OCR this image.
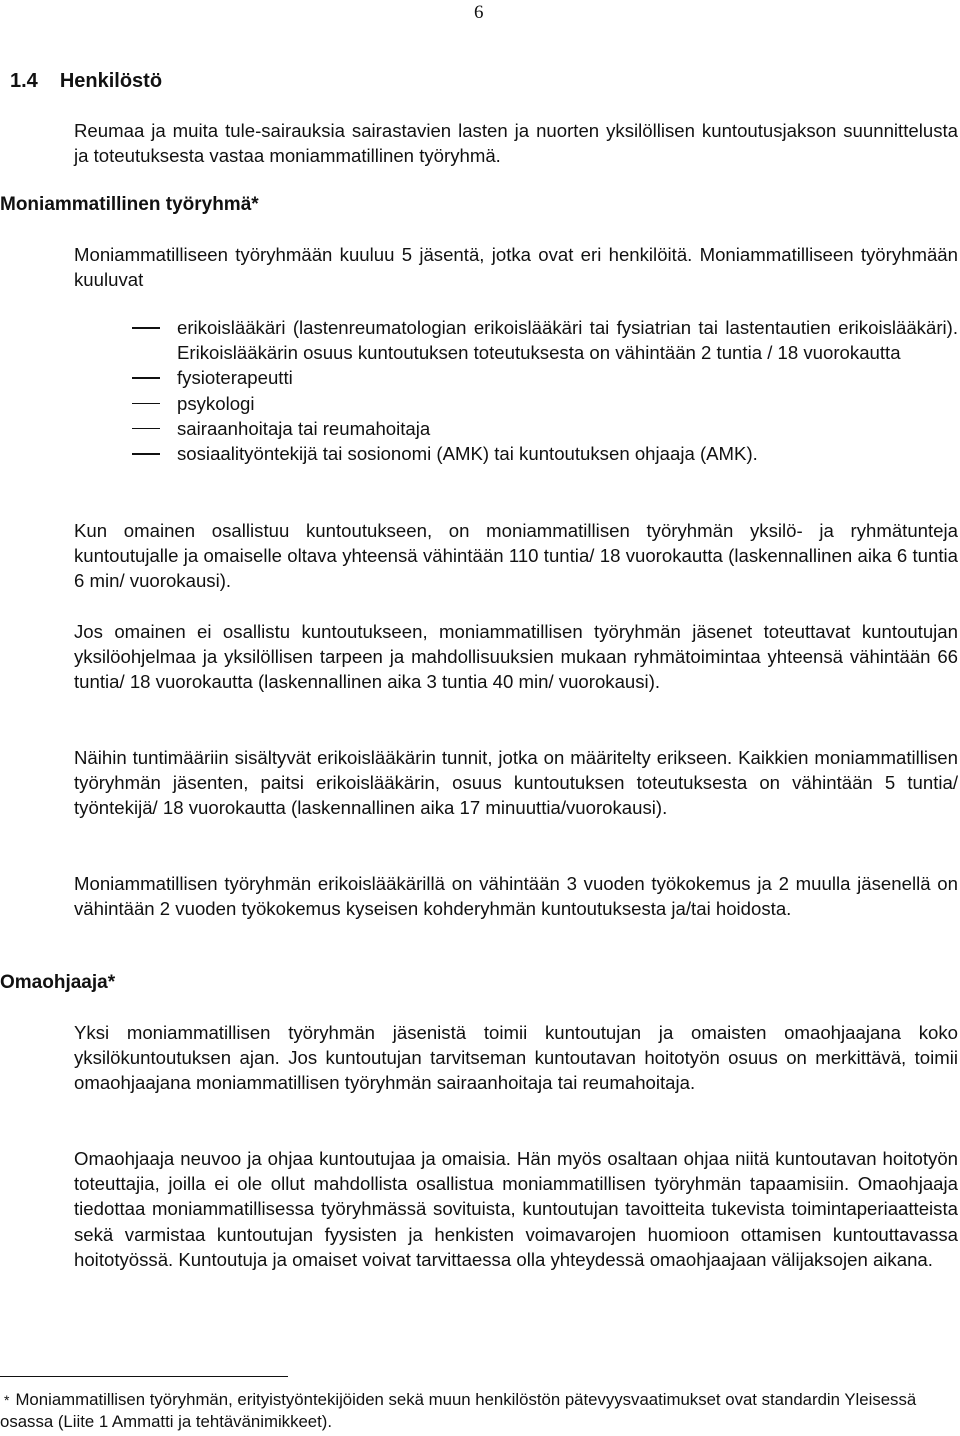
6
1.4 Henkilöstö
Reumaa ja muita tule-sairauksia sairastavien lasten ja nuorten yksilöllisen kuntoutusjakson suunnittelusta ja toteutuksesta vastaa moniammatillinen työryhmä.
Moniammatillinen työryhmä*
Moniammatilliseen työryhmään kuuluu 5 jäsentä, jotka ovat eri henkilöitä. Moniammatilliseen työryhmään kuuluvat
erikoislääkäri (lastenreumatologian erikoislääkäri tai fysiatrian tai lastentautien erikoislääkäri). Erikoislääkärin osuus kuntoutuksen toteutuksesta on vähintään 2 tuntia / 18 vuorokautta
fysioterapeutti
psykologi
sairaanhoitaja tai reumahoitaja
sosiaalityöntekijä tai sosionomi (AMK) tai kuntoutuksen ohjaaja (AMK).
Kun omainen osallistuu kuntoutukseen, on moniammatillisen työryhmän yksilö- ja ryhmätunteja kuntoutujalle ja omaiselle oltava yhteensä vähintään 110 tuntia/ 18 vuorokautta (laskennallinen aika 6 tuntia 6 min/ vuorokausi).
Jos omainen ei osallistu kuntoutukseen, moniammatillisen työryhmän jäsenet toteuttavat kuntoutujan yksilöohjelmaa ja yksilöllisen tarpeen ja mahdollisuuksien mukaan ryhmätoimintaa yhteensä vähintään 66 tuntia/ 18 vuorokautta (laskennallinen aika 3 tuntia 40 min/ vuorokausi).
Näihin tuntimääriin sisältyvät erikoislääkärin tunnit, jotka on määritelty erikseen. Kaikkien moniammatillisen työryhmän jäsenten, paitsi erikoislääkärin, osuus kuntoutuksen toteutuksesta on vähintään 5 tuntia/ työntekijä/ 18 vuorokautta (laskennallinen aika 17 minuuttia/vuorokausi).
Moniammatillisen työryhmän erikoislääkärillä on vähintään 3 vuoden työkokemus ja 2 muulla jäsenellä on vähintään 2 vuoden työkokemus kyseisen kohderyhmän kuntoutuksesta ja/tai hoidosta.
Omaohjaaja*
Yksi moniammatillisen työryhmän jäsenistä toimii kuntoutujan ja omaisten omaohjaajana koko yksilökuntoutuksen ajan. Jos kuntoutujan tarvitseman kuntoutavan hoitotyön osuus on merkittävä, toimii omaohjaajana moniammatillisen työryhmän sairaanhoitaja tai reumahoitaja.
Omaohjaaja neuvoo ja ohjaa kuntoutujaa ja omaisia. Hän myös osaltaan ohjaa niitä kuntoutavan hoitotyön toteuttajia, joilla ei ole ollut mahdollista osallistua moniammatillisen työryhmän tapaamisiin. Omaohjaaja tiedottaa moniammatillisessa työryhmässä sovituista, kuntoutujan tavoitteita tukevista toimintaperiaatteista sekä varmistaa kuntoutujan fyysisten ja henkisten voimavarojen huomioon ottamisen kuntouttavassa hoitotyössä. Kuntoutuja ja omaiset voivat tarvittaessa olla yhteydessä omaohjaajaan välijaksojen aikana.
* Moniammatillisen työryhmän, erityistyöntekijöiden sekä muun henkilöstön pätevyysvaatimukset ovat standardin Yleisessä osassa (Liite 1 Ammatti ja tehtävänimikkeet).
